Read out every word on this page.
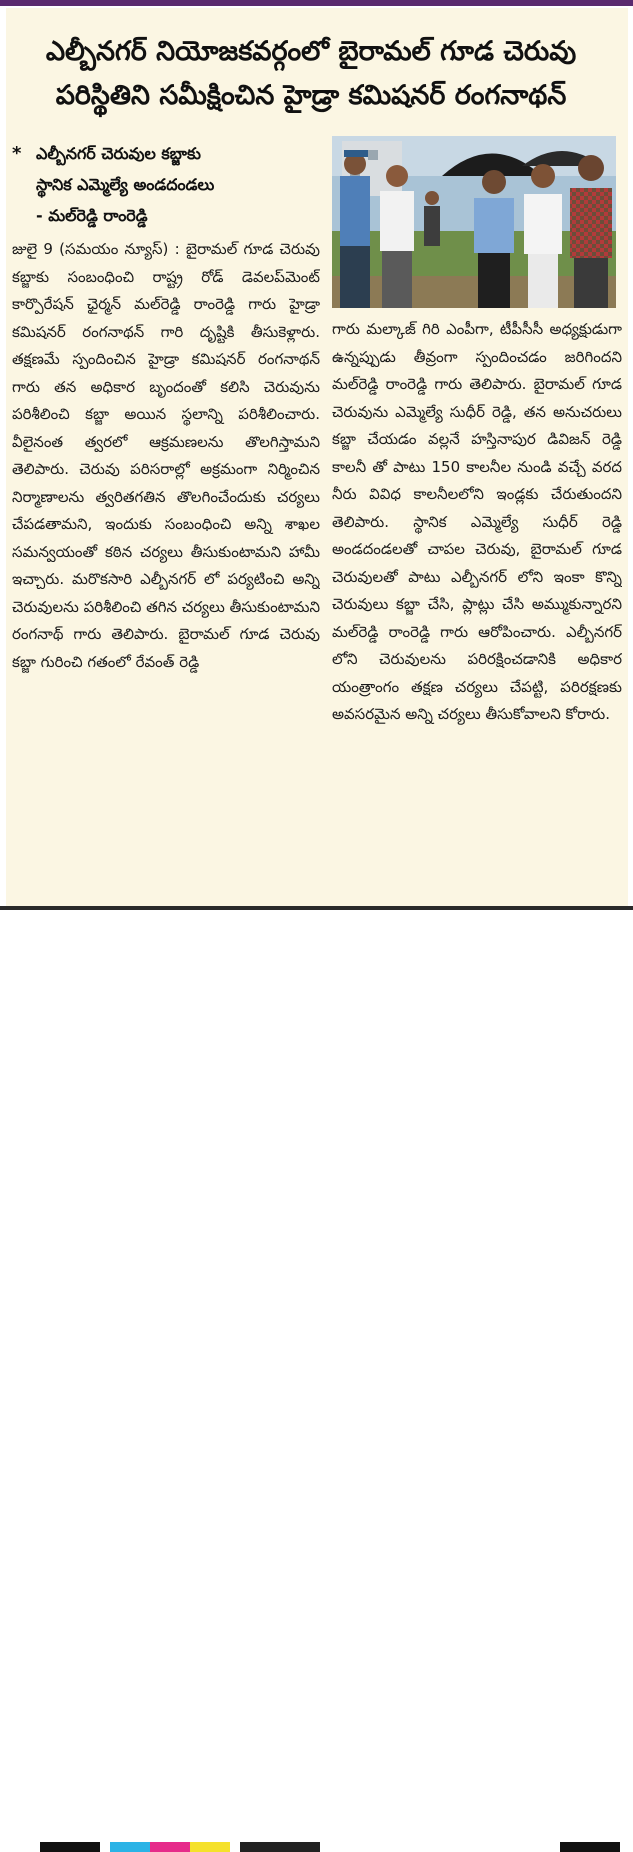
ఎల్బీనగర్ నియోజకవర్గంలో బైరామల్ గూడ చెరువు
పరిస్థితిని సమీక్షించిన హైడ్రా కమిషనర్ రంగనాథన్
* ఎల్బీనగర్ చెరువుల కబ్జాకు
స్థానిక ఎమ్మెల్యే అండదండలు
- మల్‌రెడ్డి రాంరెడ్డి
జులై 9 (సమయం న్యూస్) : బైరామల్ గూడ చెరువు కబ్జాకు సంబంధించి రాష్ట్ర రోడ్ డెవలప్‌మెంట్ కార్పొరేషన్ ఛైర్మన్ మల్‌రెడ్డి రాంరెడ్డి గారు హైడ్రా కమిషనర్ రంగనాథన్ గారి దృష్టికి తీసుకెళ్లారు. తక్షణమే స్పందించిన హైడ్రా కమిషనర్ రంగనాథన్ గారు తన అధికార బృందంతో కలిసి చెరువును పరిశీలించి కబ్జా అయిన స్థలాన్ని పరిశీలించారు. వీలైనంత త్వరలో ఆక్రమణలను తొలగిస్తామని తెలిపారు. చెరువు పరిసరాల్లో అక్రమంగా నిర్మించిన నిర్మాణాలను త్వరితగతిన తొలగించేందుకు చర్యలు చేపడతామని, ఇందుకు సంబంధించి అన్ని శాఖల సమన్వయంతో కఠిన చర్యలు తీసుకుంటామని హామీ ఇచ్చారు. మరొకసారి ఎల్బీనగర్ లో పర్యటించి అన్ని చెరువులను పరిశీలించి తగిన చర్యలు తీసుకుంటామని రంగనాథ్ గారు తెలిపారు. బైరామల్ గూడ చెరువు కబ్జా గురించి గతంలో రేవంత్ రెడ్డి
గారు మల్కాజ్ గిరి ఎంపీగా, టీపీసీసీ అధ్యక్షుడుగా ఉన్నప్పుడు తీవ్రంగా స్పందించడం జరిగిందని మల్‌రెడ్డి రాంరెడ్డి గారు తెలిపారు. బైరామల్ గూడ చెరువును ఎమ్మెల్యే సుధీర్ రెడ్డి, తన అనుచరులు కబ్జా చేయడం వల్లనే హస్తినాపుర డివిజన్ రెడ్డి కాలనీ తో పాటు 150 కాలనీల నుండి వచ్చే వరద నీరు వివిధ కాలనీలలోని ఇండ్లకు చేరుతుందని తెలిపారు. స్థానిక ఎమ్మెల్యే సుధీర్ రెడ్డి అండదండలతో చాపల చెరువు, బైరామల్ గూడ చెరువులతో పాటు ఎల్బీనగర్ లోని ఇంకా కొన్ని చెరువులు కబ్జా చేసి, ప్లాట్లు చేసి అమ్ముకున్నారని మల్‌రెడ్డి రాంరెడ్డి గారు ఆరోపించారు. ఎల్బీనగర్ లోని చెరువులను పరిరక్షించడానికి అధికార యంత్రాంగం తక్షణ చర్యలు చేపట్టి, పరిరక్షణకు అవసరమైన అన్ని చర్యలు తీసుకోవాలని కోరారు.
